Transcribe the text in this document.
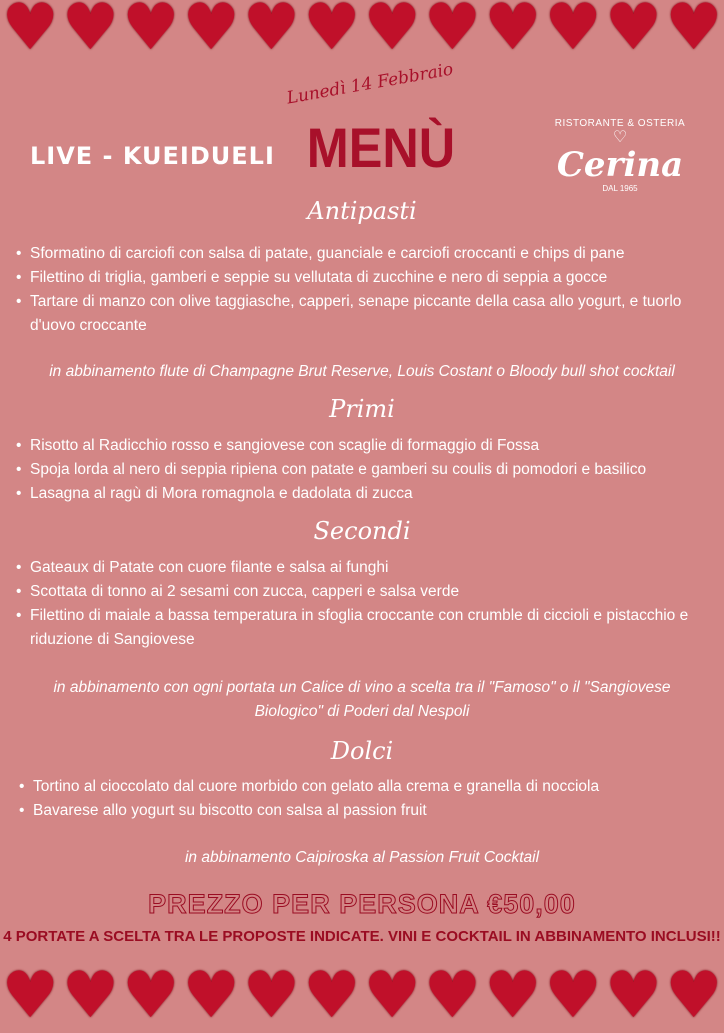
♥ ♥ ♥ ♥ ♥ ♥ ♥ ♥ ♥ ♥ ♥ ♥
LIVE - KUEIDUELI
Lunedì 14 Febbraio
MENÙ	RISTORANTE & OSTERIA
♡
Cerina
DAL 1965
Antipasti
• Sformatino di carciofi con salsa di patate, guanciale e carciofi croccanti e chips di pane
• Filettino di triglia, gamberi e seppie su vellutata di zucchine e nero di seppia a gocce
• Tartare di manzo con olive taggiasche, capperi, senape piccante della casa allo yogurt, e tuorlo d'uovo croccante
in abbinamento flute di Champagne Brut Reserve, Louis Costant o Bloody bull shot cocktail
Primi
• Risotto al Radicchio rosso e sangiovese con scaglie di formaggio di Fossa
• Spoja lorda al nero di seppia ripiena con patate e gamberi su coulis di pomodori e basilico
• Lasagna al ragù di Mora romagnola e dadolata di zucca
Secondi
• Gateaux di Patate con cuore filante e salsa ai funghi
• Scottata di tonno ai 2 sesami con zucca, capperi e salsa verde
• Filettino di maiale a bassa temperatura in sfoglia croccante con crumble di ciccioli e pistacchio e riduzione di Sangiovese
in abbinamento con ogni portata un Calice di vino a scelta tra il "Famoso" o il "Sangiovese Biologico" di Poderi dal Nespoli
Dolci
• Tortino al cioccolato dal cuore morbido con gelato alla crema e granella di nocciola
• Bavarese allo yogurt su biscotto con salsa al passion fruit
in abbinamento Caipiroska al Passion Fruit Cocktail
PREZZO PER PERSONA €50,00
4 PORTATE A SCELTA TRA LE PROPOSTE INDICATE. VINI E COCKTAIL IN ABBINAMENTO INCLUSI!!
♥ ♥ ♥ ♥ ♥ ♥ ♥ ♥ ♥ ♥ ♥ ♥
